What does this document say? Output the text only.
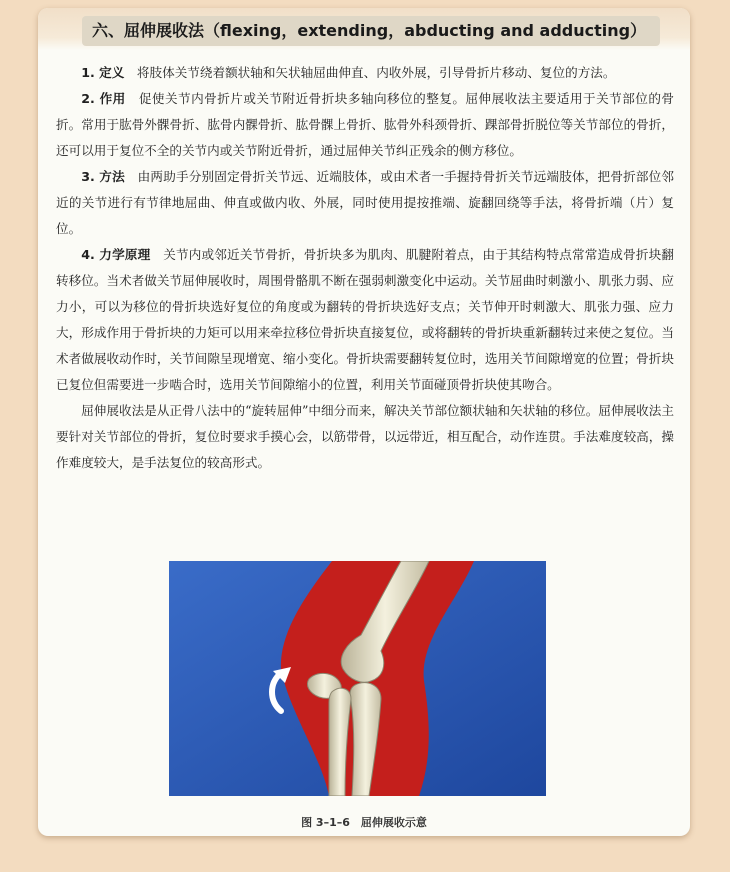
六、屈伸展收法（flexing，extending，abducting and adducting）

1. 定义　 将肢体关节绕着额状轴和矢状轴屈曲伸直、内收外展，引导骨折片移动、复位的方法。

2. 作用　 促使关节内骨折片或关节附近骨折块多轴向移位的整复。屈伸展收法主要适用于关节部位的骨折。常用于肱骨外髁骨折、肱骨内髁骨折、肱骨髁上骨折、肱骨外科颈骨折、踝部骨折脱位等关节部位的骨折，还可以用于复位不全的关节内或关节附近骨折，通过屈伸关节纠正残余的侧方移位。

3. 方法　 由两助手分别固定骨折关节远、近端肢体，或由术者一手握持骨折关节远端肢体，把骨折部位邻近的关节进行有节律地屈曲、伸直或做内收、外展，同时使用提按推端、旋翻回绕等手法，将骨折端（片）复位。

4. 力学原理　 关节内或邻近关节骨折，骨折块多为肌肉、肌腱附着点，由于其结构特点常常造成骨折块翻转移位。当术者做关节屈伸展收时，周围骨骼肌不断在强弱刺激变化中运动。关节屈曲时刺激小、肌张力弱、应力小，可以为移位的骨折块选好复位的角度或为翻转的骨折块选好支点；关节伸开时刺激大、肌张力强、应力大，形成作用于骨折块的力矩可以用来牵拉移位骨折块直接复位，或将翻转的骨折块重新翻转过来使之复位。当术者做展收动作时，关节间隙呈现增宽、缩小变化。骨折块需要翻转复位时，选用关节间隙增宽的位置；骨折块已复位但需要进一步啮合时，选用关节间隙缩小的位置，利用关节面碰顶骨折块使其吻合。

屈伸展收法是从正骨八法中的“旋转屈伸”中细分而来，解决关节部位额状轴和矢状轴的移位。屈伸展收法主要针对关节部位的骨折，复位时要求手摸心会，以筋带骨，以远带近，相互配合，动作连贯。手法难度较高，操作难度较大，是手法复位的较高形式。

图 3–1–6　屈伸展收示意
